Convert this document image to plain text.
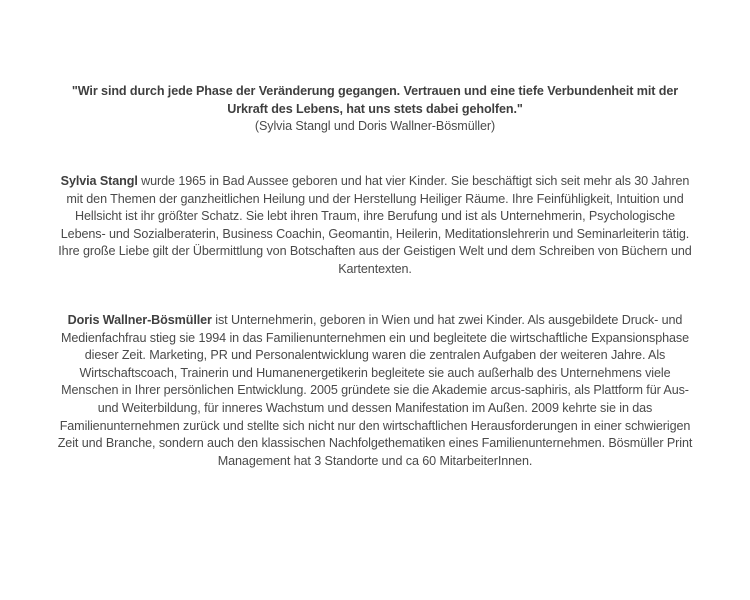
"Wir sind durch jede Phase der Veränderung gegangen. Vertrauen und eine tiefe Verbundenheit mit der Urkraft des Lebens, hat uns stets dabei geholfen."
(Sylvia Stangl und Doris Wallner-Bösmüller)

Sylvia Stangl wurde 1965 in Bad Aussee geboren und hat vier Kinder. Sie beschäftigt sich seit mehr als 30 Jahren mit den Themen der ganzheitlichen Heilung und der Herstellung Heiliger Räume. Ihre Feinfühligkeit, Intuition und Hellsicht ist ihr größter Schatz. Sie lebt ihren Traum, ihre Berufung und ist als Unternehmerin, Psychologische Lebens- und Sozialberaterin, Business Coachin, Geomantin, Heilerin, Meditationslehrerin und Seminarleiterin tätig. Ihre große Liebe gilt der Übermittlung von Botschaften aus der Geistigen Welt und dem Schreiben von Büchern und Kartentexten.

Doris Wallner-Bösmüller ist Unternehmerin, geboren in Wien und hat zwei Kinder. Als ausgebildete Druck- und Medienfachfrau stieg sie 1994 in das Familienunternehmen ein und begleitete die wirtschaftliche Expansionsphase dieser Zeit. Marketing, PR und Personalentwicklung waren die zentralen Aufgaben der weiteren Jahre. Als Wirtschaftscoach, Trainerin und Humanenergetikerin begleitete sie auch außerhalb des Unternehmens viele Menschen in Ihrer persönlichen Entwicklung. 2005 gründete sie die Akademie arcus-saphiris, als Plattform für Aus- und Weiterbildung, für inneres Wachstum und dessen Manifestation im Außen. 2009 kehrte sie in das Familienunternehmen zurück und stellte sich nicht nur den wirtschaftlichen Herausforderungen in einer schwierigen Zeit und Branche, sondern auch den klassischen Nachfolgethematiken eines Familienunternehmen. Bösmüller Print Management hat 3 Standorte und ca 60 MitarbeiterInnen.
